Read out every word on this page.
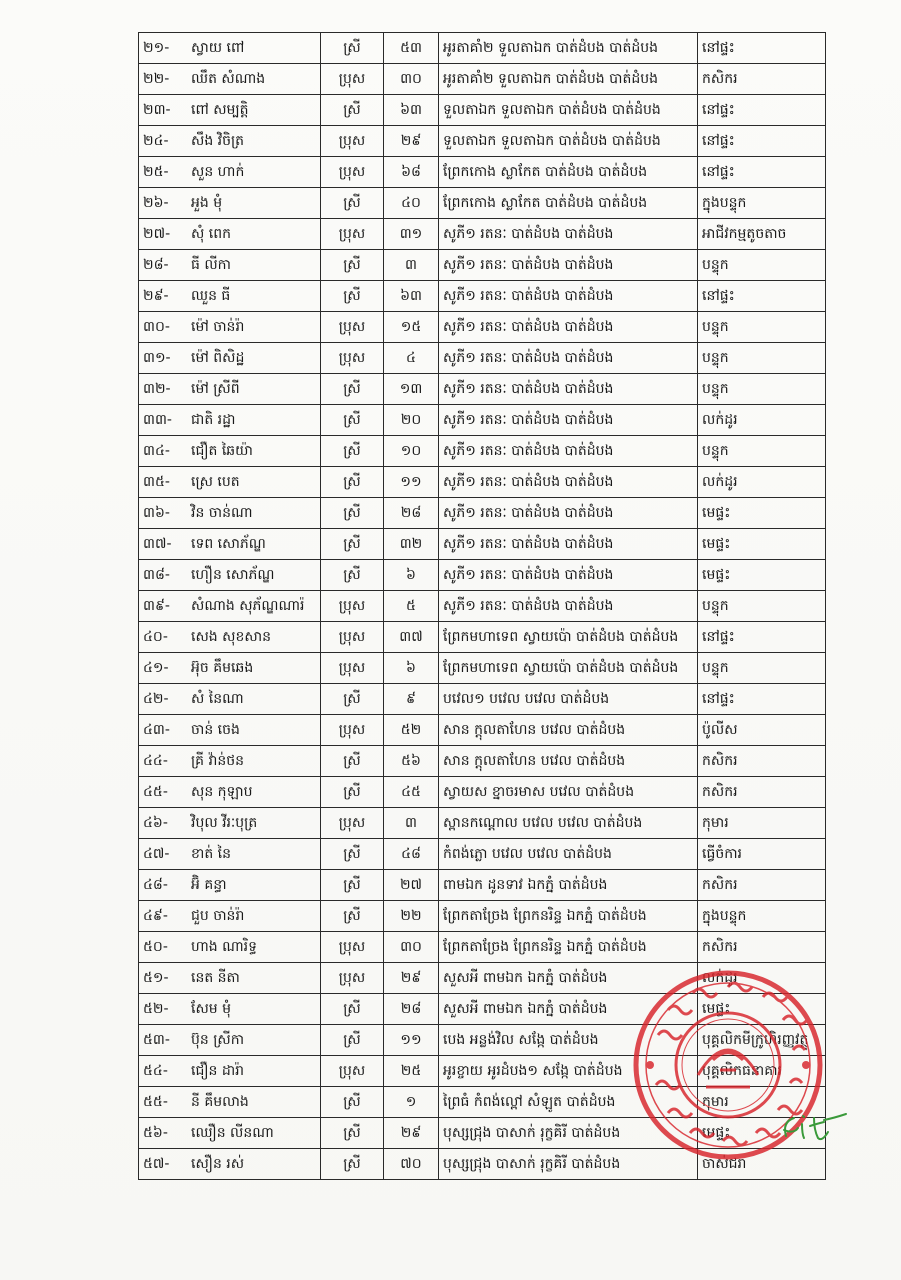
២១-	ស្វាយ ពៅ	ស្រី	៥៣	អូរតាគាំ២ ទួលតាឯក បាត់ដំបង បាត់ដំបង	នៅផ្ទះ
២២-	ឈឹត សំណាង	ប្រុស	៣០	អូរតាគាំ២ ទួលតាឯក បាត់ដំបង បាត់ដំបង	កសិករ
២៣-	ពៅ សម្បត្តិ	ស្រី	៦៣	ទួលតាឯក ទួលតាឯក បាត់ដំបង បាត់ដំបង	នៅផ្ទះ
២៤-	សឹង វិចិត្រ	ប្រុស	២៩	ទួលតាឯក ទួលតាឯក បាត់ដំបង បាត់ដំបង	នៅផ្ទះ
២៥-	សួន ហាក់	ប្រុស	៦៨	ព្រែកកោង ស្លាកែត បាត់ដំបង បាត់ដំបង	នៅផ្ទះ
២៦-	អួង មុំ	ស្រី	៤០	ព្រែកកោង ស្លាកែត បាត់ដំបង បាត់ដំបង	ក្នុងបន្ទុក
២៧-	សុំ ពេក	ប្រុស	៣១	សូភី១ រតនៈ បាត់ដំបង បាត់ដំបង	អាជីវកម្មតូចតាច
២៨-	ធី លីកា	ស្រី	៣	សូភី១ រតនៈ បាត់ដំបង បាត់ដំបង	បន្ទុក
២៩-	ឈួន ធី	ស្រី	៦៣	សូភី១ រតនៈ បាត់ដំបង បាត់ដំបង	នៅផ្ទះ
៣០-	ម៉ៅ ចាន់រ៉ា	ប្រុស	១៥	សូភី១ រតនៈ បាត់ដំបង បាត់ដំបង	បន្ទុក
៣១-	ម៉ៅ ពិសិដ្ឋ	ប្រុស	៤	សូភី១ រតនៈ បាត់ដំបង បាត់ដំបង	បន្ទុក
៣២-	ម៉ៅ ស្រីពី	ស្រី	១៣	សូភី១ រតនៈ បាត់ដំបង បាត់ដំបង	បន្ទុក
៣៣-	ជាតិ រដ្ឋា	ស្រី	២០	សូភី១ រតនៈ បាត់ដំបង បាត់ដំបង	លក់ដូរ
៣៤-	ជឿត ឆៃយ៉ា	ស្រី	១០	សូភី១ រតនៈ បាត់ដំបង បាត់ដំបង	បន្ទុក
៣៥-	ស្រេ បេត	ស្រី	១១	សូភី១ រតនៈ បាត់ដំបង បាត់ដំបង	លក់ដូរ
៣៦-	វិន ចាន់ណា	ស្រី	២៨	សូភី១ រតនៈ បាត់ដំបង បាត់ដំបង	មេផ្ទះ
៣៧-	ទេព សោភ័ណ្ឌ	ស្រី	៣២	សូភី១ រតនៈ បាត់ដំបង បាត់ដំបង	មេផ្ទះ
៣៨-	ហឿន សោភ័ណ្ឌ	ស្រី	៦	សូភី១ រតនៈ បាត់ដំបង បាត់ដំបង	មេផ្ទះ
៣៩-	សំណាង សុភ័ណ្ឌណារ៉	ប្រុស	៥	សូភី១ រតនៈ បាត់ដំបង បាត់ដំបង	បន្ទុក
៤០-	សេង សុខសាន	ប្រុស	៣៧	ព្រែកមហាទេព ស្វាយប៉ោ បាត់ដំបង បាត់ដំបង	នៅផ្ទះ
៤១-	អ៊ុច គឹមឆេង	ប្រុស	៦	ព្រែកមហាទេព ស្វាយប៉ោ បាត់ដំបង បាត់ដំបង	បន្ទុក
៤២-	សំ នៃណា	ស្រី	៩	បវេល១ បវេល បវេល បាត់ដំបង	នៅផ្ទះ
៤៣-	ចាន់ ចេង	ប្រុស	៥២	សាន ក្ដុលតាហែន បវេល បាត់ដំបង	ប៉ូលីស
៤៤-	គ្រី វ៉ាន់ថន	ស្រី	៥៦	សាន ក្ដុលតាហែន បវេល បាត់ដំបង	កសិករ
៤៥-	សុន កុឡាប	ស្រី	៤៥	ស្វាយស ខ្នាចរមាស បវេល បាត់ដំបង	កសិករ
៤៦-	វិបុល វីរៈបុត្រ	ប្រុស	៣	ស្ពានកណ្ដោល បវេល បវេល បាត់ដំបង	កុមារ
៤៧-	ខាត់ នៃ	ស្រី	៤៨	កំពង់ភ្លោ បវេល បវេល បាត់ដំបង	ធ្វើចំការ
៤៨-	អ៊ិ គន្ធា	ស្រី	២៧	ពាមឯក ដូនទាវ ឯកភ្នំ បាត់ដំបង	កសិករ
៤៩-	ជួប ចាន់រ៉ា	ស្រី	២២	ព្រែកតាច្រែង ព្រែកនរិន្ទ ឯកភ្នំ បាត់ដំបង	ក្នុងបន្ទុក
៥០-	ហាង ណារិទ្ធ	ប្រុស	៣០	ព្រែកតាច្រែង ព្រែកនរិន្ទ ឯកភ្នំ បាត់ដំបង	កសិករ
៥១-	នេត នីតា	ប្រុស	២៩	សួសអី ពាមឯក ឯកភ្នំ បាត់ដំបង	លក់ដូរ
៥២-	សែម មុំ	ស្រី	២៨	សួសអី ពាមឯក ឯកភ្នំ បាត់ដំបង	មេផ្ទះ
៥៣-	ប៊ុន ស្រីកា	ស្រី	១១	បេង អន្លង់វិល សង្កែ បាត់ដំបង	បុគ្គលិកមីក្រូហិរញ្ញវត្ថុ
៥៤-	ជឿន ដារ៉ា	ប្រុស	២៥	អូរខ្ចាយ អូរដំបង១ សង្កែ បាត់ដំបង	បុគ្គលិកធនាគារ
៥៥-	នី គឹមលាង	ស្រី	១	ព្រៃធំ កំពង់ល្ពៅ សំឡូត បាត់ដំបង	កុមារ
៥៦-	ឈឿន លីនណា	ស្រី	២៩	បុស្សជ្រុង បាសាក់ រុក្ខគិរី បាត់ដំបង	មេផ្ទះ
៥៧-	សឿន រស់	ស្រី	៧០	បុស្សជ្រុង បាសាក់ រុក្ខគិរី បាត់ដំបង	ចាស់ជរា
